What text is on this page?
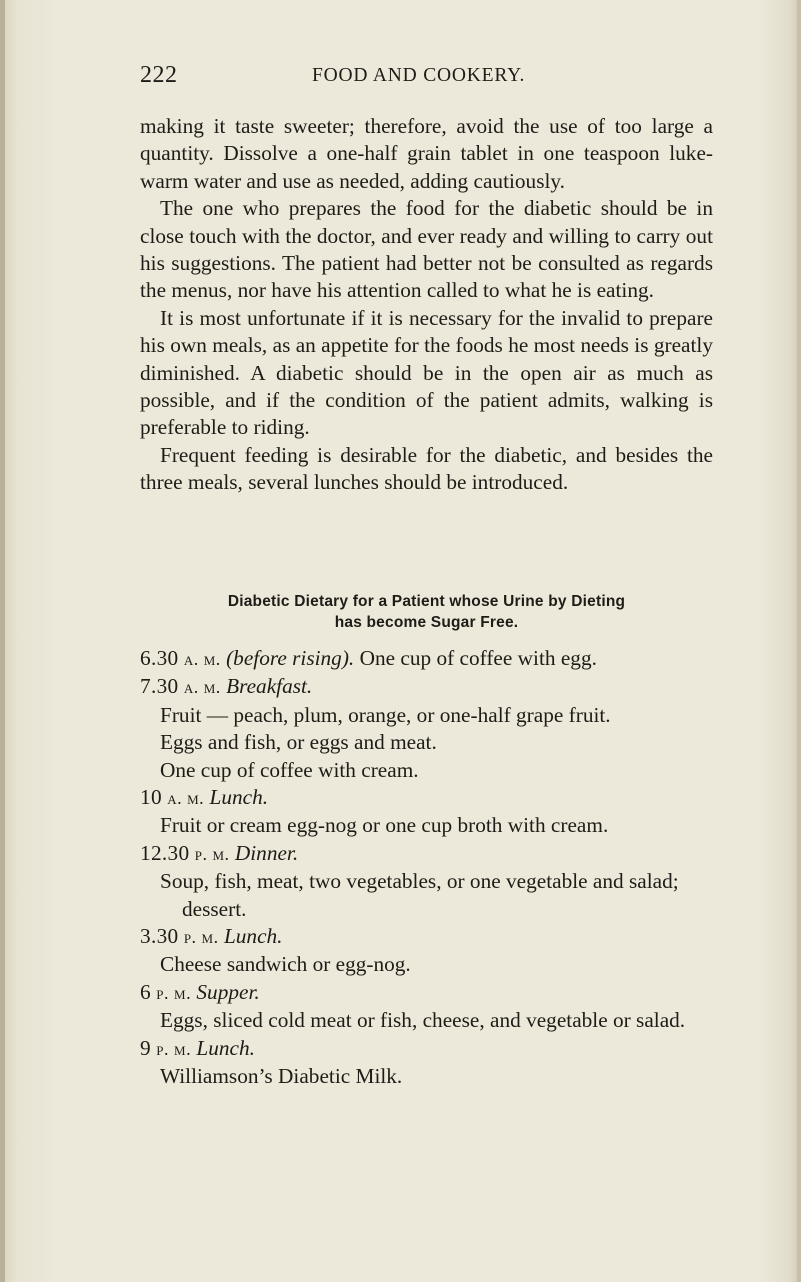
222	FOOD AND COOKERY.

making it taste sweeter; therefore, avoid the use of too large a quantity. Dissolve a one-half grain tablet in one teaspoon luke-warm water and use as needed, adding cautiously.

The one who prepares the food for the diabetic should be in close touch with the doctor, and ever ready and willing to carry out his suggestions. The patient had better not be consulted as regards the menus, nor have his attention called to what he is eating.

It is most unfortunate if it is necessary for the invalid to prepare his own meals, as an appetite for the foods he most needs is greatly diminished. A diabetic should be in the open air as much as possible, and if the condition of the patient admits, walking is preferable to riding.

Frequent feeding is desirable for the diabetic, and besides the three meals, several lunches should be introduced.

Diabetic Dietary for a Patient whose Urine by Dieting
has become Sugar Free.

6.30 a. m. (before rising). One cup of coffee with egg.

7.30 a. m. Breakfast.

Fruit — peach, plum, orange, or one-half grape fruit.

Eggs and fish, or eggs and meat.

One cup of coffee with cream.

10 a. m. Lunch.

Fruit or cream egg-nog or one cup broth with cream.

12.30 p. m. Dinner.

Soup, fish, meat, two vegetables, or one vegetable and salad; dessert.

3.30 p. m. Lunch.

Cheese sandwich or egg-nog.

6 p. m. Supper.

Eggs, sliced cold meat or fish, cheese, and vegetable or salad.

9 p. m. Lunch.

Williamson’s Diabetic Milk.
